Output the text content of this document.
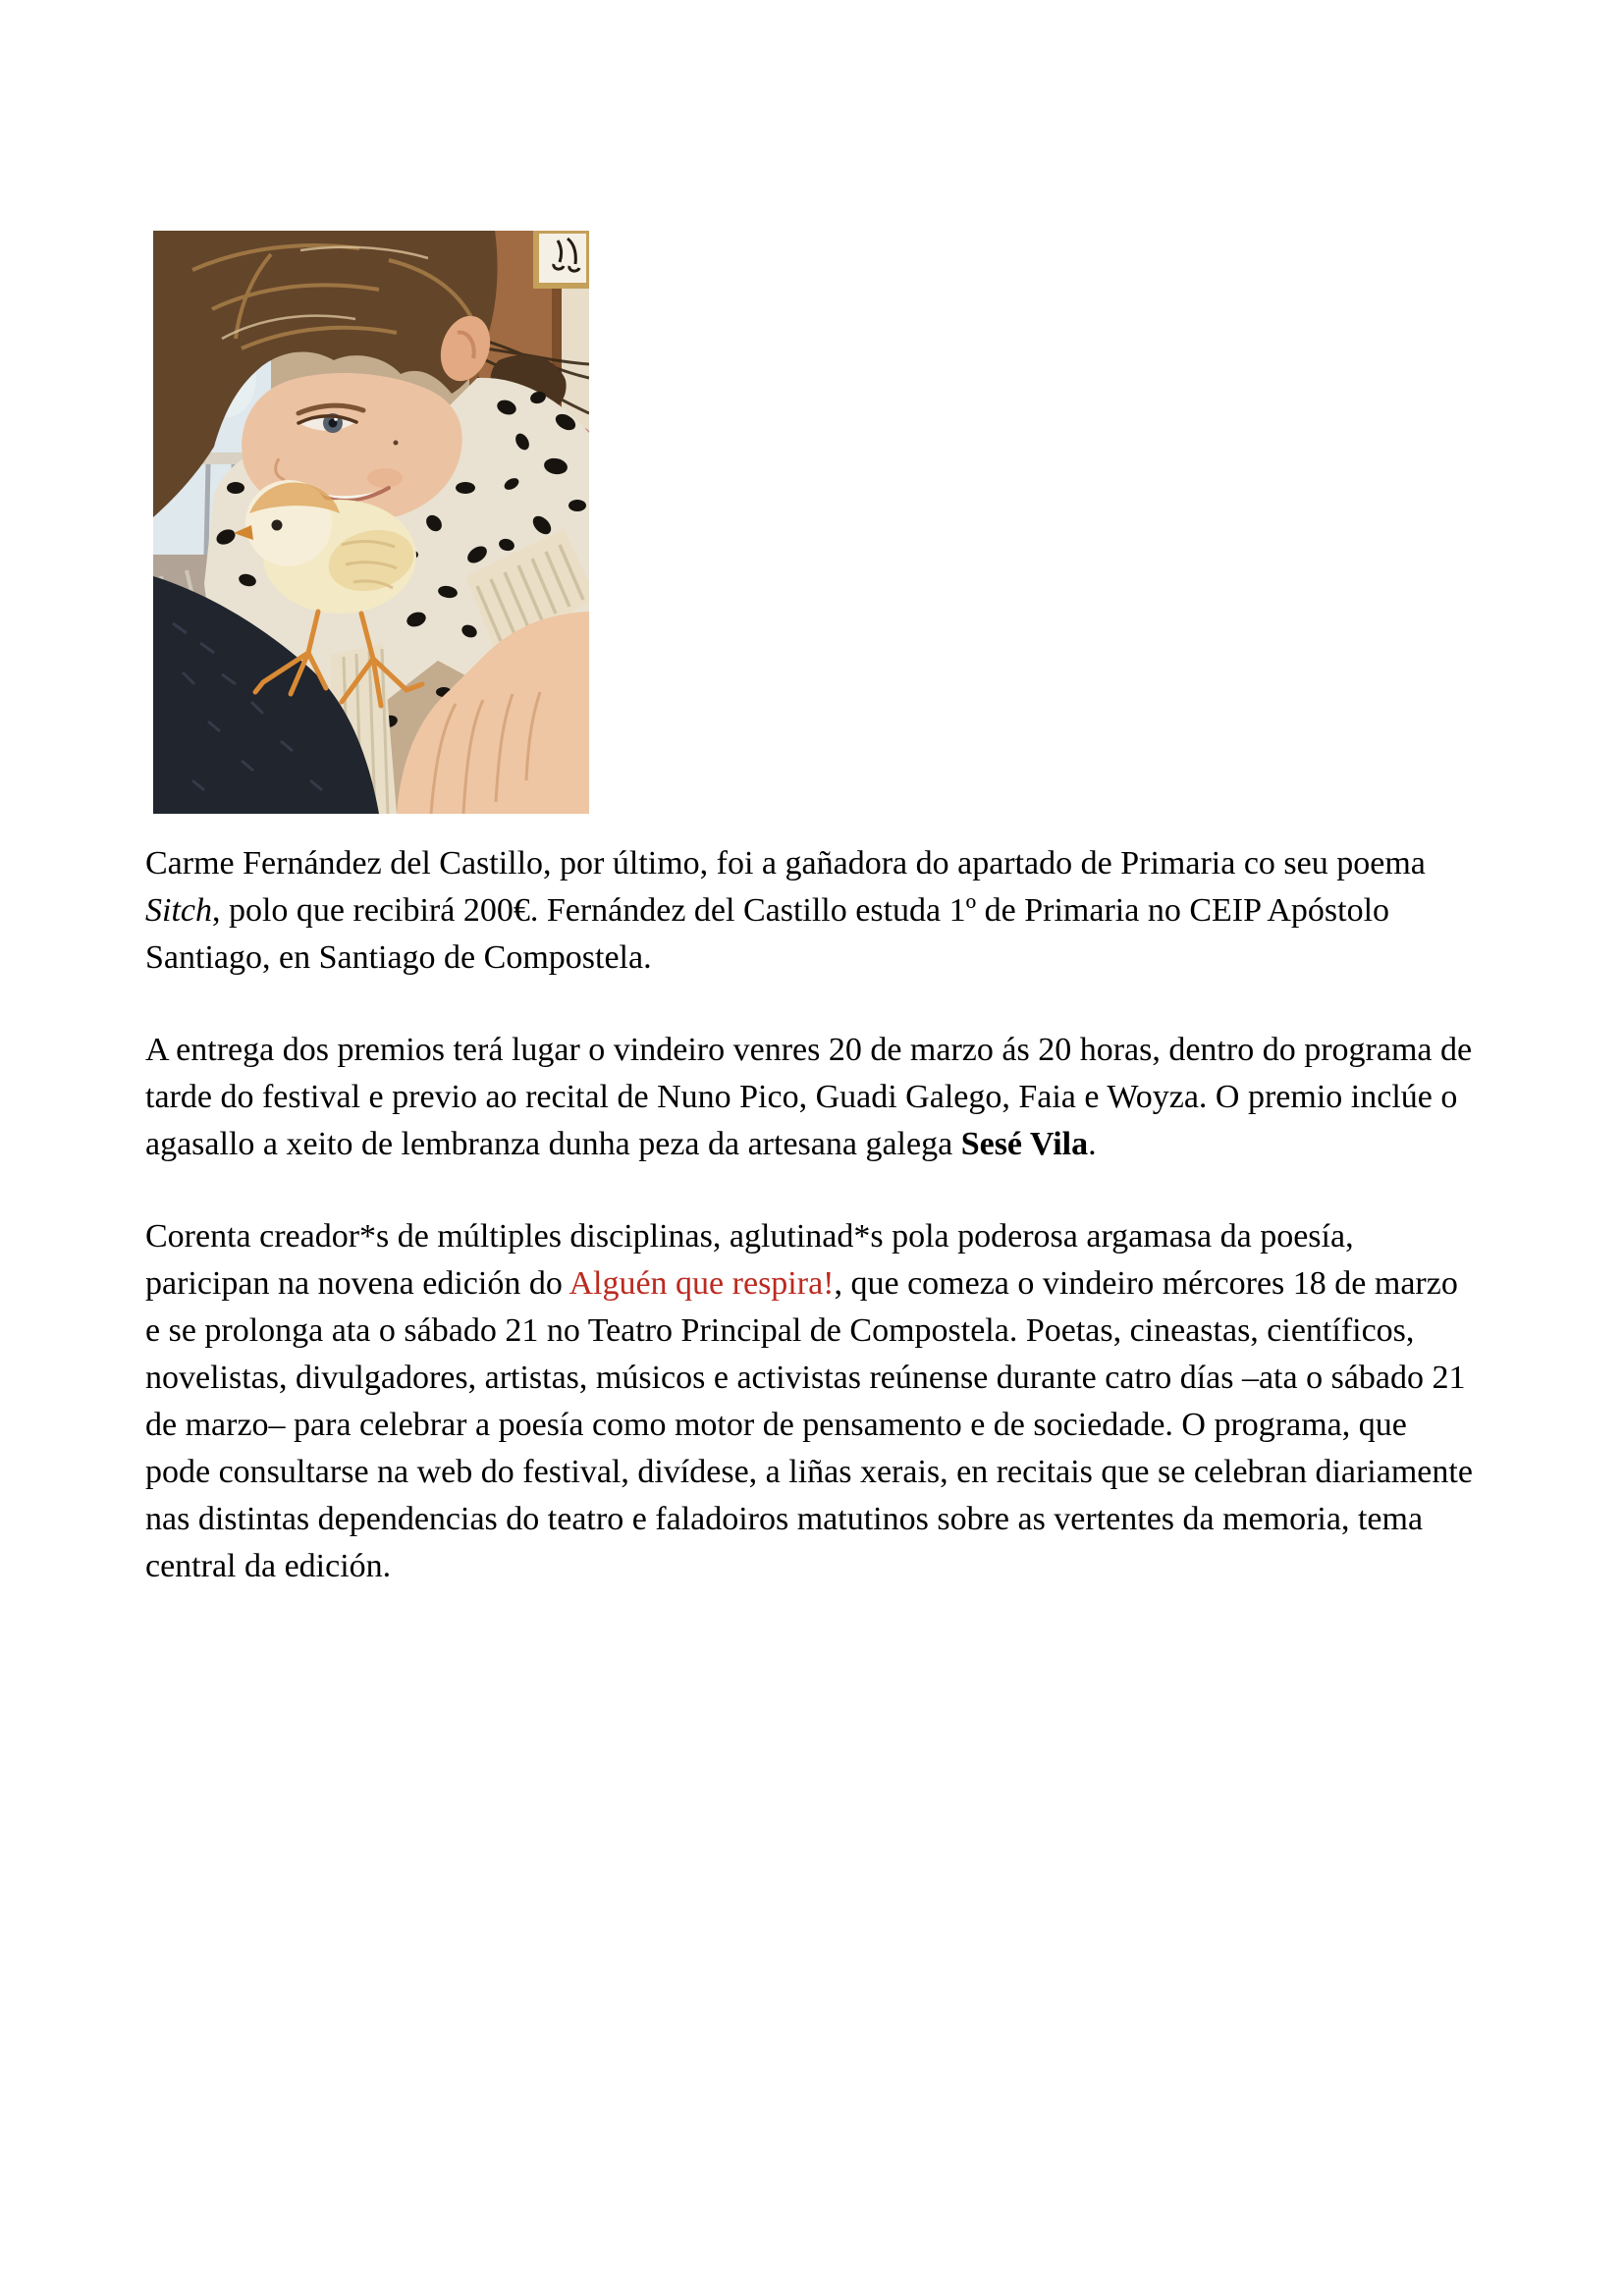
Carme Fernández del Castillo, por último, foi a gañadora do apartado de Primaria co seu poema Sitch, polo que recibirá 200€. Fernández del Castillo estuda 1º de Primaria no CEIP Apóstolo Santiago, en Santiago de Compostela.

A entrega dos premios terá lugar o vindeiro venres 20 de marzo ás 20 horas, dentro do programa de tarde do festival e previo ao recital de Nuno Pico, Guadi Galego, Faia e Woyza. O premio inclúe o agasallo a xeito de lembranza dunha peza da artesana galega Sesé Vila.

Corenta creador*s de múltiples disciplinas, aglutinad*s pola poderosa argamasa da poesía, paricipan na novena edición do Alguén que respira!, que comeza o vindeiro mércores 18 de marzo e se prolonga ata o sábado 21 no Teatro Principal de Compostela. Poetas, cineastas, científicos, novelistas, divulgadores, artistas, músicos e activistas reúnense durante catro días –ata o sábado 21 de marzo– para celebrar a poesía como motor de pensamento e de sociedade. O programa, que pode consultarse na web do festival, divídese, a liñas xerais, en recitais que se celebran diariamente nas distintas dependencias do teatro e faladoiros matutinos sobre as vertentes da memoria, tema central da edición.
